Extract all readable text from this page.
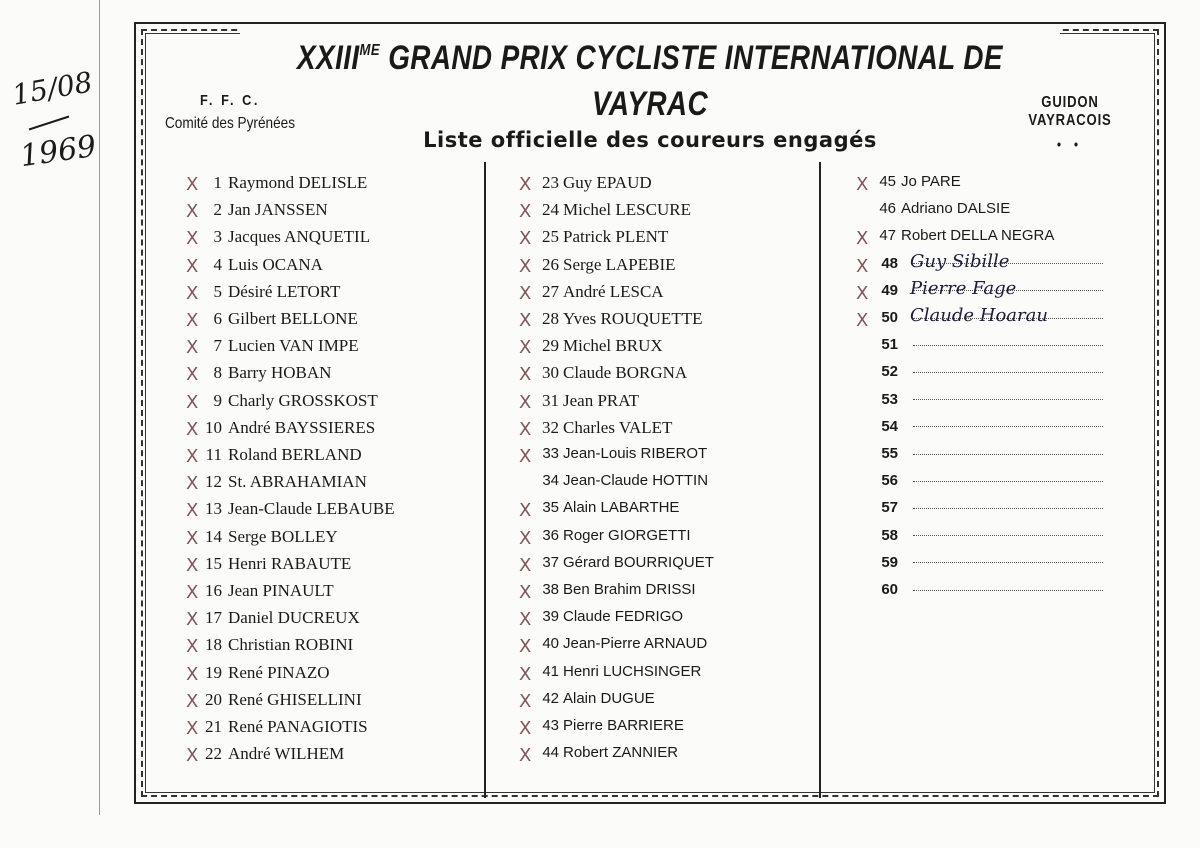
15/08
1969
$XXIII^{ME}$ GRAND PRIX CYCLISTE INTERNATIONAL DE VAYRAC
F. F. C.
Comité des Pyrénées
GUIDON VAYRACOIS
• •
Liste officielle des coureurs engagés
X 1 Raymond DELISLE
X 2 Jan JANSSEN
X 3 Jacques ANQUETIL
X 4 Luis OCANA
X 5 Désiré LETORT
X 6 Gilbert BELLONE
X 7 Lucien VAN IMPE
X 8 Barry HOBAN
X 9 Charly GROSSKOST
X 10 André BAYSSIERES
X 11 Roland BERLAND
X 12 St. ABRAHAMIAN
X 13 Jean-Claude LEBAUBE
X 14 Serge BOLLEY
X 15 Henri RABAUTE
X 16 Jean PINAULT
X 17 Daniel DUCREUX
X 18 Christian ROBINI
X 19 René PINAZO
X 20 René GHISELLINI
X 21 René PANAGIOTIS
X 22 André WILHEM
X 23 Guy EPAUD
X 24 Michel LESCURE
X 25 Patrick PLENT
X 26 Serge LAPEBIE
X 27 André LESCA
X 28 Yves ROUQUETTE
X 29 Michel BRUX
X 30 Claude BORGNA
X 31 Jean PRAT
X 32 Charles VALET
X 33 Jean-Louis RIBEROT
34 Jean-Claude HOTTIN
X 35 Alain LABARTHE
X 36 Roger GIORGETTI
X 37 Gérard BOURRIQUET
X 38 Ben Brahim DRISSI
X 39 Claude FEDRIGO
X 40 Jean-Pierre ARNAUD
X 41 Henri LUCHSINGER
X 42 Alain DUGUE
X 43 Pierre BARRIERE
X 44 Robert ZANNIER
X 45 Jo PARE
46 Adriano DALSIE
X 47 Robert DELLA NEGRA
X 48 Guy Sibille
X 49 Pierre Fage
X 50 Claude Hoarau
51
52
53
54
55
56
57
58
59
60
